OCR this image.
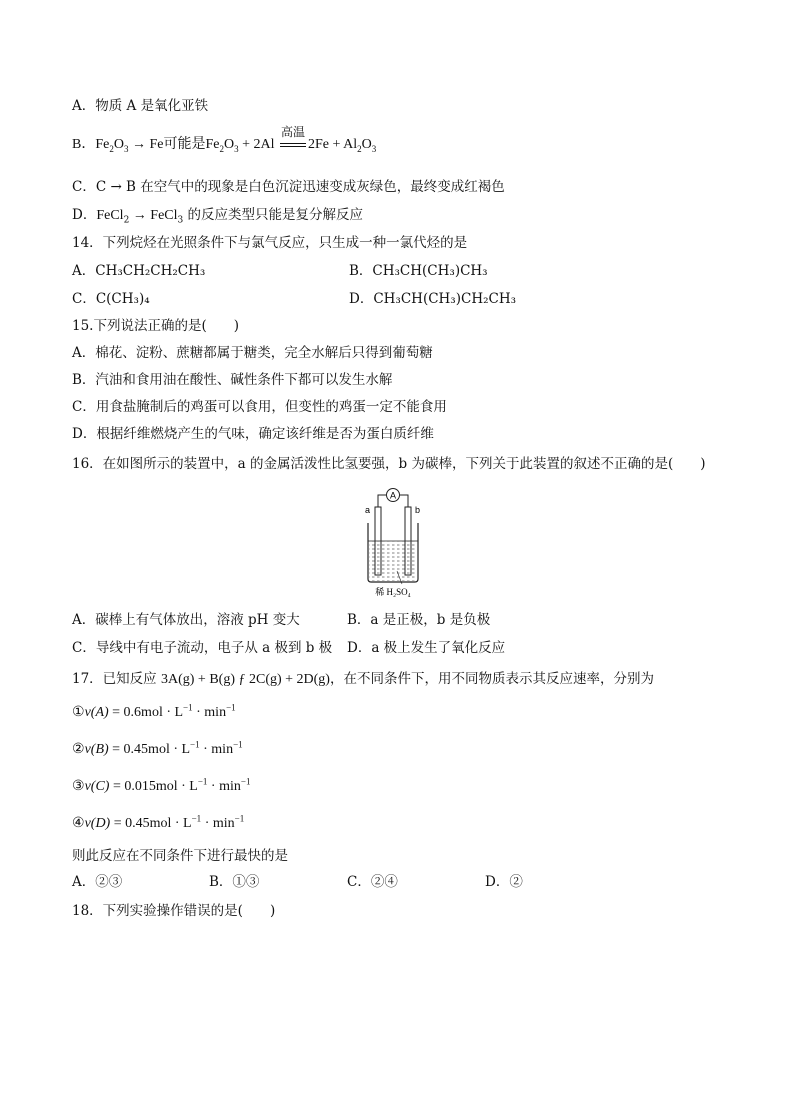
A．物质 A 是氧化亚铁
B．$Fe_2O_3 \to Fe$可能是$Fe_2O_3 + 2Al$
高温
$2Fe + Al_2O_3$
C．C → B 在空气中的现象是白色沉淀迅速变成灰绿色，最终变成红褐色
D．FeCl$_2$ → FeCl$_3$ 的反应类型只能是复分解反应
14．下列烷烃在光照条件下与氯气反应，只生成一种一氯代烃的是
A．CH₃CH₂CH₂CH₃	B．CH₃CH(CH₃)CH₃
C．C(CH₃)₄	D．CH₃CH(CH₃)CH₂CH₃
15.下列说法正确的是(　　)
A．棉花、淀粉、蔗糖都属于糖类，完全水解后只得到葡萄糖
B．汽油和食用油在酸性、碱性条件下都可以发生水解
C．用食盐腌制后的鸡蛋可以食用，但变性的鸡蛋一定不能食用
D．根据纤维燃烧产生的气味，确定该纤维是否为蛋白质纤维
16．在如图所示的装置中，a 的金属活泼性比氢要强，b 为碳棒，下列关于此装置的叙述不正确的是(　　)
A
a	b
稀 H₂SO₄
A．碳棒上有气体放出，溶液 pH 变大	B．a 是正极，b 是负极
C．导线中有电子流动，电子从 a 极到 b 极 D．a 极上发生了氧化反应
17．已知反应 3A(g) + B(g) ƒ 2C(g) + 2D(g)，在不同条件下，用不同物质表示其反应速率，分别为
①v(A) = $0.6mol \cdot L^{-1} \cdot \min^{-1}$
②v(B) = $0.45mol \cdot L^{-1} \cdot \min^{-1}$
③v(C) = $0.015mol \cdot L^{-1} \cdot \min^{-1}$
④v(D) = $0.45mol \cdot L^{-1} \cdot \min^{-1}$
则此反应在不同条件下进行最快的是
A．②③	B．①③	C．②④	D．②
18．下列实验操作错误的是(　　)
